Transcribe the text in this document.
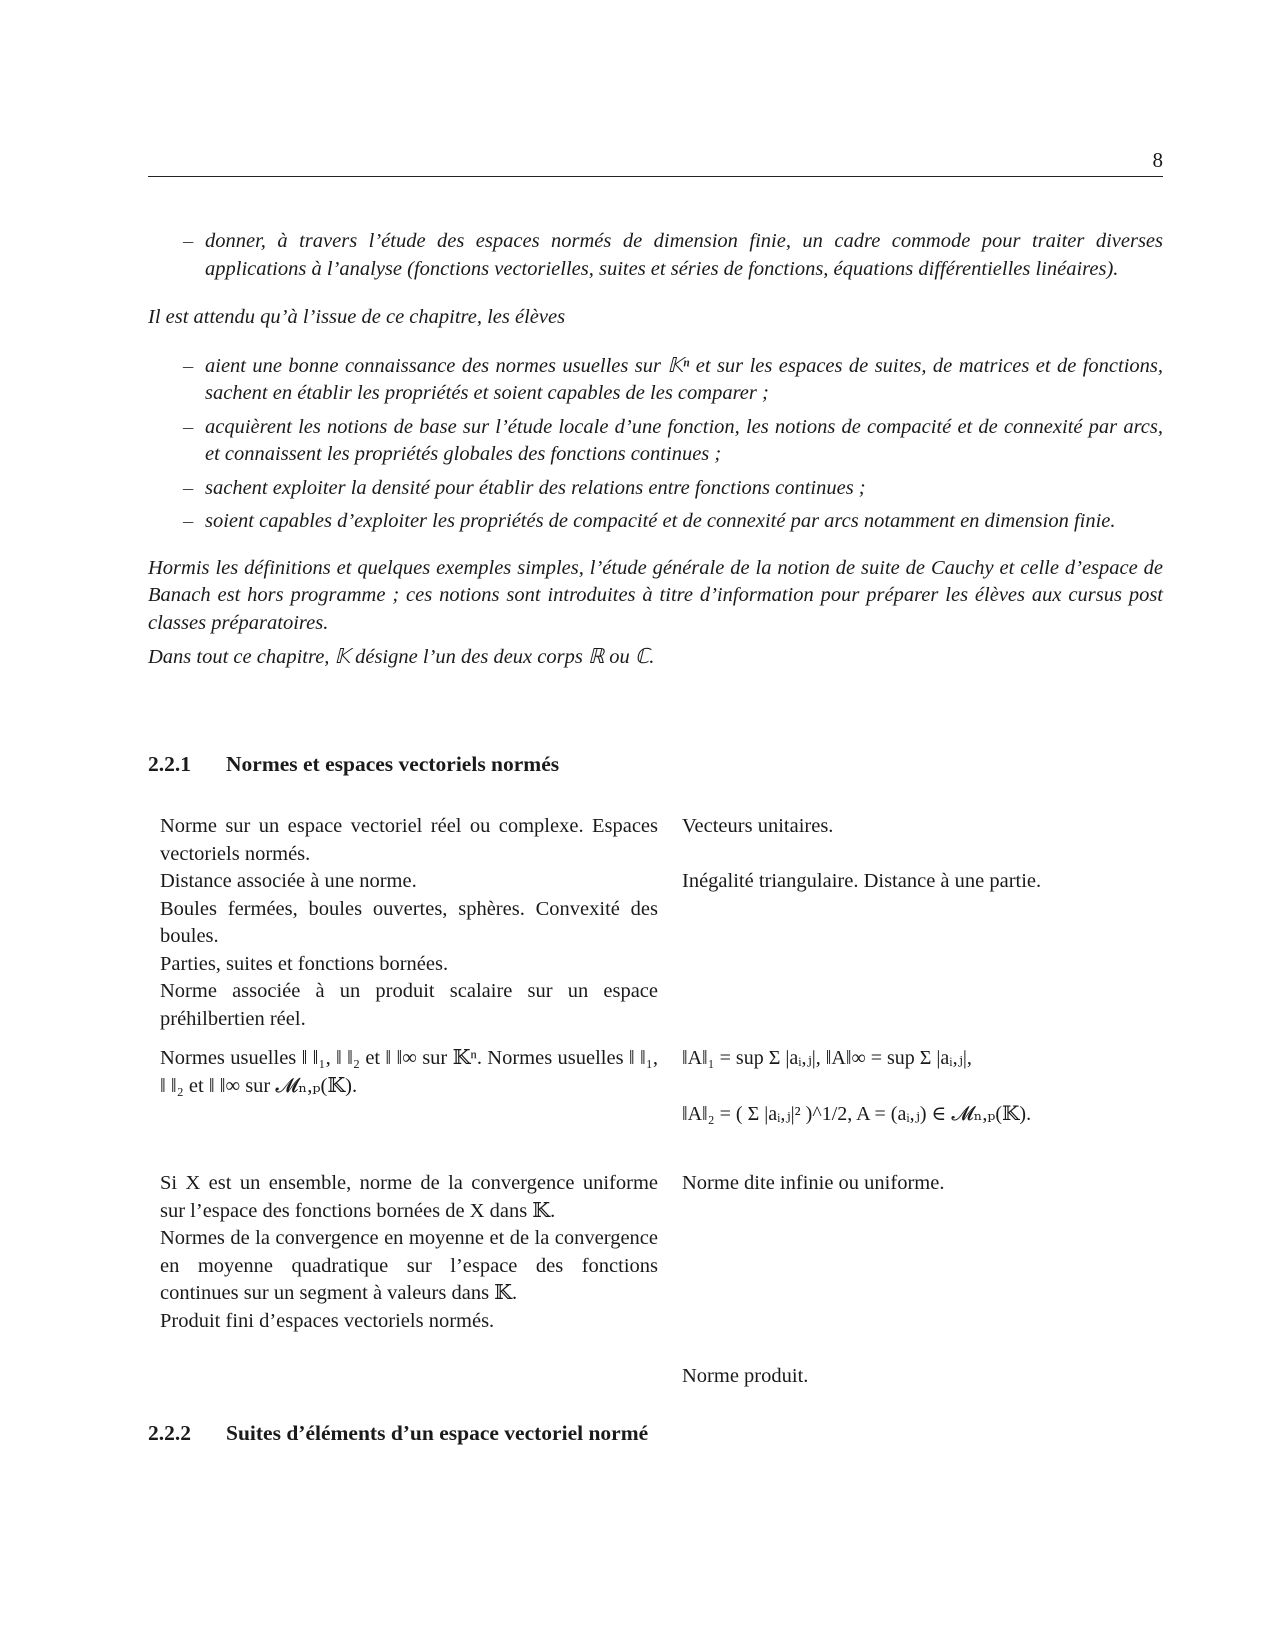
8

– donner, à travers l’étude des espaces normés de dimension finie, un cadre commode pour traiter diverses applications à l’analyse (fonctions vectorielles, suites et séries de fonctions, équations différentielles linéaires).

Il est attendu qu’à l’issue de ce chapitre, les élèves

– aient une bonne connaissance des normes usuelles sur 𝕂ⁿ et sur les espaces de suites, de matrices et de fonctions, sachent en établir les propriétés et soient capables de les comparer ;

– acquièrent les notions de base sur l’étude locale d’une fonction, les notions de compacité et de connexité par arcs, et connaissent les propriétés globales des fonctions continues ;

– sachent exploiter la densité pour établir des relations entre fonctions continues ;

– soient capables d’exploiter les propriétés de compacité et de connexité par arcs notamment en dimension finie.

Hormis les définitions et quelques exemples simples, l’étude générale de la notion de suite de Cauchy et celle d’espace de Banach est hors programme ; ces notions sont introduites à titre d’information pour préparer les élèves aux cursus post classes préparatoires.

Dans tout ce chapitre, 𝕂 désigne l’un des deux corps ℝ ou ℂ.

2.2.1 Normes et espaces vectoriels normés
Norme sur un espace vectoriel réel ou complexe. Espaces vectoriels normés.
Distance associée à une norme.
Boules fermées, boules ouvertes, sphères. Convexité des boules.
Parties, suites et fonctions bornées.
Norme associée à un produit scalaire sur un espace préhilbertien réel.
Vecteurs unitaires.
Inégalité triangulaire. Distance à une partie.
Normes usuelles ‖ ‖₁, ‖ ‖₂ et ‖ ‖∞ sur 𝕂ⁿ. Normes usuelles ‖ ‖₁, ‖ ‖₂ et ‖ ‖∞ sur 𝓜ₙ,ₚ(𝕂).
‖A‖₁ = sup Σ |aᵢ,ⱼ|, ‖A‖∞ = sup Σ |aᵢ,ⱼ|,
‖A‖₂ = ( Σ |aᵢ,ⱼ|² )^1/2, A = (aᵢ,ⱼ) ∈ 𝓜ₙ,ₚ(𝕂).
Si X est un ensemble, norme de la convergence uniforme sur l’espace des fonctions bornées de X dans 𝕂.
Normes de la convergence en moyenne et de la convergence en moyenne quadratique sur l’espace des fonctions continues sur un segment à valeurs dans 𝕂.
Produit fini d’espaces vectoriels normés.
Norme dite infinie ou uniforme.
Norme produit.
2.2.2 Suites d’éléments d’un espace vectoriel normé
